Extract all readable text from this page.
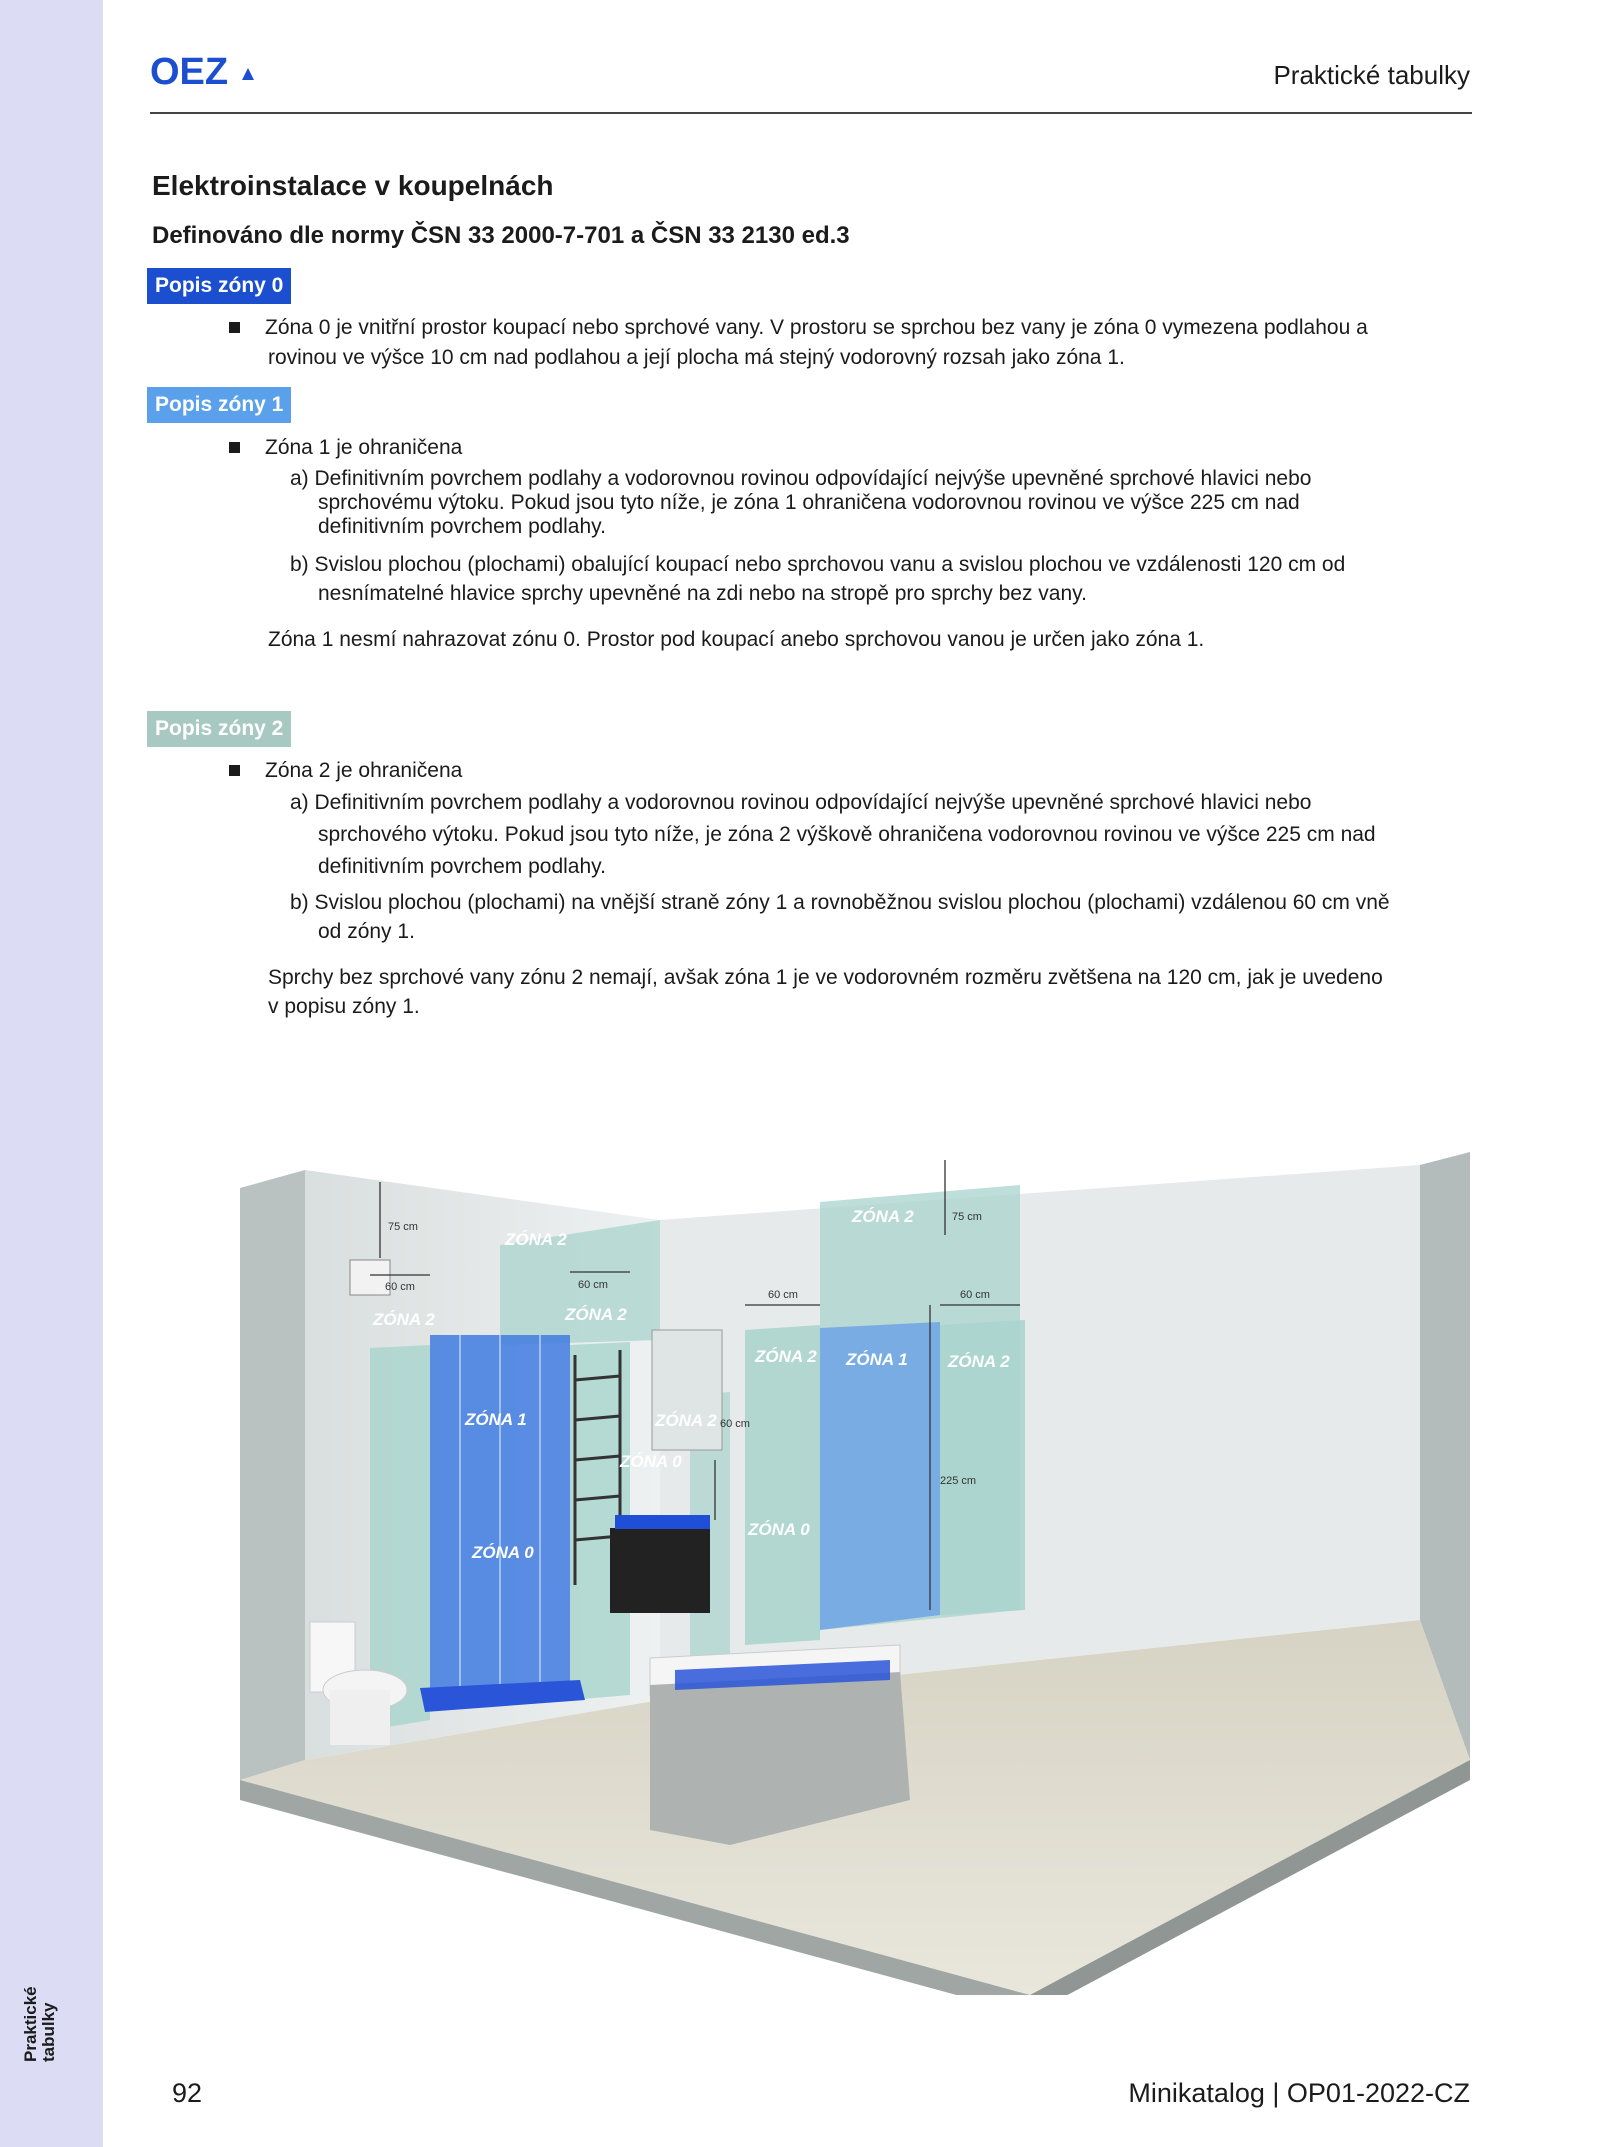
Praktické tabulky
OEZ	Praktické tabulky
Elektroinstalace v koupelnách
Definováno dle normy ČSN 33 2000-7-701 a ČSN 33 2130 ed.3
Popis zóny 0
Zóna 0 je vnitřní prostor koupací nebo sprchové vany. V prostoru se sprchou bez vany je zóna 0 vymezena podlahou a
rovinou ve výšce 10 cm nad podlahou a její plocha má stejný vodorovný rozsah jako zóna 1.
Popis zóny 1
Zóna 1 je ohraničena
a) Definitivním povrchem podlahy a vodorovnou rovinou odpovídající nejvýše upevněné sprchové hlavici nebo
sprchovému výtoku. Pokud jsou tyto níže, je zóna 1 ohraničena vodorovnou rovinou ve výšce 225 cm nad
definitivním povrchem podlahy.
b) Svislou plochou (plochami) obalující koupací nebo sprchovou vanu a svislou plochou ve vzdálenosti 120 cm od
nesnímatelné hlavice sprchy upevněné na zdi nebo na stropě pro sprchy bez vany.
Zóna 1 nesmí nahrazovat zónu 0. Prostor pod koupací anebo sprchovou vanou je určen jako zóna 1.
Popis zóny 2
Zóna 2 je ohraničena
a) Definitivním povrchem podlahy a vodorovnou rovinou odpovídající nejvýše upevněné sprchové hlavici nebo
sprchového výtoku. Pokud jsou tyto níže, je zóna 2 výškově ohraničena vodorovnou rovinou ve výšce 225 cm nad
definitivním povrchem podlahy.
b) Svislou plochou (plochami) na vnější straně zóny 1 a rovnoběžnou svislou plochou (plochami) vzdálenou 60 cm vně
od zóny 1.
Sprchy bez sprchové vany zónu 2 nemají, avšak zóna 1 je ve vodorovném rozměru zvětšena na 120 cm, jak je uvedeno
v popisu zóny 1.
ZÓNA 2
ZÓNA 2	ZÓNA 2
ZÓNA 1
ZÓNA 0
ZÓNA 2
ZÓNA 0
ZÓNA 2
ZÓNA 2 ZÓNA 1 ZÓNA 2
ZÓNA 0
75 cm
60 cm	60 cm
60 cm
60 cm	60 cm
75 cm
225 cm
92	Minikatalog | OP01-2022-CZ
